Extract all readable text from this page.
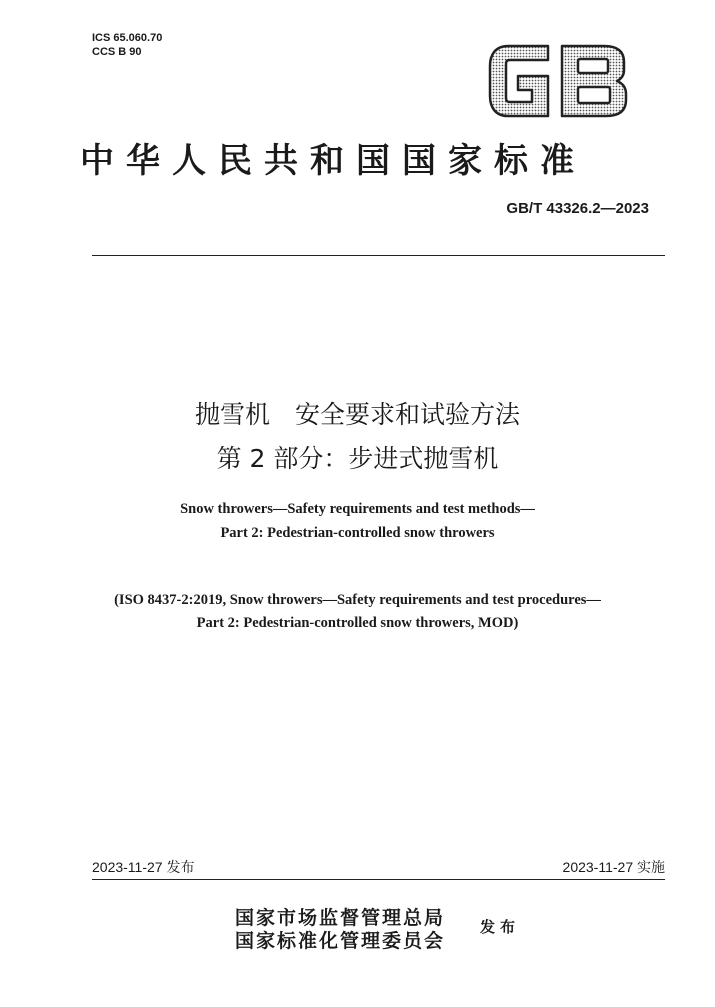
ICS 65.060.70
CCS B 90
GB
中华人民共和国国家标准
GB/T 43326.2—2023
抛雪机　安全要求和试验方法
第 2 部分：步进式抛雪机
Snow throwers—Safety requirements and test methods—
Part 2: Pedestrian-controlled snow throwers
(ISO 8437-2:2019, Snow throwers—Safety requirements and test procedures—
Part 2: Pedestrian-controlled snow throwers, MOD)
2023-11-27 发布	2023-11-27 实施
国家市场监督管理总局
国家标准化管理委员会
发布
